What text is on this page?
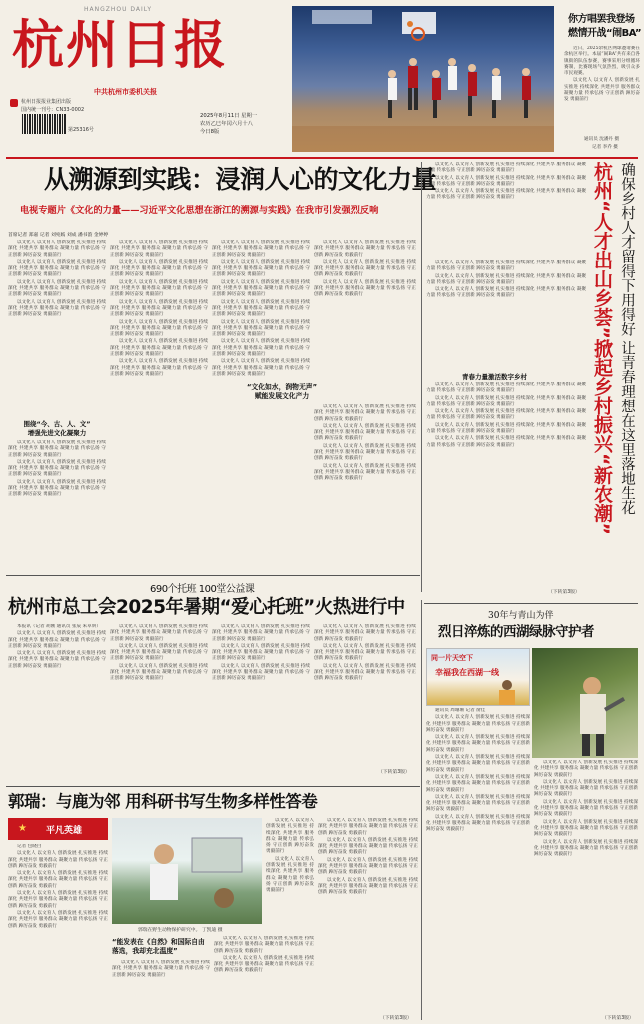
HANGZHOU DAILY
杭州日报
中共杭州市委机关报
杭州日报报业集团出版
国内统一刊号：CN33-0002
第25316号
2025年8月11日 星期一
农历乙巳年闰六月十八
今日8版
你方唱罢我登场
燃情开战“闹BA”

近日，2025余杭区网球邀请赛在余杭区举行。本届“闹BA”共有来自各镇街的队伍参赛，赛事采用分组循环赛制，比赛现场气氛热烈，吸引众多市民观赛。

以文化人 以文育人 创新发展 扎实推进 持续深化 共建共享 服务群众 凝聚力量 传承弘扬 守正创新 踔厉奋发 勇毅前行

通讯员 沈潘丹 摄
记者 李乔 摄
从溯源到实践：浸润人心的文化力量
电视专题片《文化的力量——习近平文化思想在浙江的溯源与实践》在我市引发强烈反响
首席记者 郑嘉 记者 刘宛嫣 刘成 潘书韵 金婷婷

以文化人 以文育人 创新发展 扎实推进 持续深化 共建共享 服务群众 凝聚力量 传承弘扬 守正创新 踔厉奋发 勇毅前行

以文化人 以文育人 创新发展 扎实推进 持续深化 共建共享 服务群众 凝聚力量 传承弘扬 守正创新 踔厉奋发 勇毅前行

以文化人 以文育人 创新发展 扎实推进 持续深化 共建共享 服务群众 凝聚力量 传承弘扬 守正创新 踔厉奋发 勇毅前行

以文化人 以文育人 创新发展 扎实推进 持续深化 共建共享 服务群众 凝聚力量 传承弘扬 守正创新 踔厉奋发 勇毅前行

围绕“今、古、人、文”
增强先进文化凝聚力

以文化人 以文育人 创新发展 扎实推进 持续深化 共建共享 服务群众 凝聚力量 传承弘扬 守正创新 踔厉奋发 勇毅前行

以文化人 以文育人 创新发展 扎实推进 持续深化 共建共享 服务群众 凝聚力量 传承弘扬 守正创新 踔厉奋发 勇毅前行

以文化人 以文育人 创新发展 扎实推进 持续深化 共建共享 服务群众 凝聚力量 传承弘扬 守正创新 踔厉奋发 勇毅前行

以文化人 以文育人 创新发展 扎实推进 持续深化 共建共享 服务群众 凝聚力量 传承弘扬 守正创新 踔厉奋发 勇毅前行

以文化人 以文育人 创新发展 扎实推进 持续深化 共建共享 服务群众 凝聚力量 传承弘扬 守正创新 踔厉奋发 勇毅前行

以文化人 以文育人 创新发展 扎实推进 持续深化 共建共享 服务群众 凝聚力量 传承弘扬 守正创新 踔厉奋发 勇毅前行

以文化人 以文育人 创新发展 扎实推进 持续深化 共建共享 服务群众 凝聚力量 传承弘扬 守正创新 踔厉奋发 勇毅前行

以文化人 以文育人 创新发展 扎实推进 持续深化 共建共享 服务群众 凝聚力量 传承弘扬 守正创新 踔厉奋发 勇毅前行

以文化人 以文育人 创新发展 扎实推进 持续深化 共建共享 服务群众 凝聚力量 传承弘扬 守正创新 踔厉奋发 勇毅前行

以文化人 以文育人 创新发展 扎实推进 持续深化 共建共享 服务群众 凝聚力量 传承弘扬 守正创新 踔厉奋发 勇毅前行

以文化人 以文育人 创新发展 扎实推进 持续深化 共建共享 服务群众 凝聚力量 传承弘扬 守正创新 踔厉奋发 勇毅前行

以文化人 以文育人 创新发展 扎实推进 持续深化 共建共享 服务群众 凝聚力量 传承弘扬 守正创新 踔厉奋发 勇毅前行

以文化人 以文育人 创新发展 扎实推进 持续深化 共建共享 服务群众 凝聚力量 传承弘扬 守正创新 踔厉奋发 勇毅前行

以文化人 以文育人 创新发展 扎实推进 持续深化 共建共享 服务群众 凝聚力量 传承弘扬 守正创新 踔厉奋发 勇毅前行

以文化人 以文育人 创新发展 扎实推进 持续深化 共建共享 服务群众 凝聚力量 传承弘扬 守正创新 踔厉奋发 勇毅前行

以文化人 以文育人 创新发展 扎实推进 持续深化 共建共享 服务群众 凝聚力量 传承弘扬 守正创新 踔厉奋发 勇毅前行

以文化人 以文育人 创新发展 扎实推进 持续深化 共建共享 服务群众 凝聚力量 传承弘扬 守正创新 踔厉奋发 勇毅前行

以文化人 以文育人 创新发展 扎实推进 持续深化 共建共享 服务群众 凝聚力量 传承弘扬 守正创新 踔厉奋发 勇毅前行

以文化人 以文育人 创新发展 扎实推进 持续深化 共建共享 服务群众 凝聚力量 传承弘扬 守正创新 踔厉奋发 勇毅前行

以文化人 以文育人 创新发展 扎实推进 持续深化 共建共享 服务群众 凝聚力量 传承弘扬 守正创新 踔厉奋发 勇毅前行

“文化如水，润物无声”
赋能发展文化产力 以文化人 以文育人 创新发展 扎实推进 持续深化 共建共享 服务群众 凝聚力量 传承弘扬 守正创新 踔厉奋发 勇毅前行 以文化人 以文育人 创新发展 扎实推进 持续深化 共建共享 服务群众 凝聚力量 传承弘扬 守正创新 踔厉奋发 勇毅前行 以文化人 以文育人 创新发展 扎实推进 持续深化 共建共享 服务群众 凝聚力量 传承弘扬 守正创新 踔厉奋发 勇毅前行 以文化人 以文育人 创新发展 扎实推进 持续深化 共建共享 服务群众 凝聚力量 传承弘扬 守正创新 踔厉奋发 勇毅前行 以文化人 以文育人 创新发展 扎实推进 持续深化 共建共享 服务群众 凝聚力量 传承弘扬 守正创新 踔厉奋发 勇毅前行 以文化人 以文育人 创新发展 扎实推进 持续深化 共建共享 服务群众 凝聚力量 传承弘扬 守正创新 踔厉奋发 勇毅前行 以文化人 以文育人 创新发展 扎实推进 持续深化 共建共享 服务群众 凝聚力量 传承弘扬 守正创新 踔厉奋发 勇毅前行	杭州“人才出山乡荟”掀起乡村振兴“新农潮” 确保乡村人才留得下用得好 让青春理想在这里落地生花

以文化人 以文育人 创新发展 扎实推进 持续深化 共建共享 服务群众 凝聚力量 传承弘扬 守正创新 踔厉奋发 勇毅前行

以文化人 以文育人 创新发展 扎实推进 持续深化 共建共享 服务群众 凝聚力量 传承弘扬 守正创新 踔厉奋发 勇毅前行

以文化人 以文育人 创新发展 扎实推进 持续深化 共建共享 服务群众 凝聚力量 传承弘扬 守正创新 踔厉奋发 勇毅前行

青春力量激活数字乡村

以文化人 以文育人 创新发展 扎实推进 持续深化 共建共享 服务群众 凝聚力量 传承弘扬 守正创新 踔厉奋发 勇毅前行

以文化人 以文育人 创新发展 扎实推进 持续深化 共建共享 服务群众 凝聚力量 传承弘扬 守正创新 踔厉奋发 勇毅前行

以文化人 以文育人 创新发展 扎实推进 持续深化 共建共享 服务群众 凝聚力量 传承弘扬 守正创新 踔厉奋发 勇毅前行

以文化人 以文育人 创新发展 扎实推进 持续深化 共建共享 服务群众 凝聚力量 传承弘扬 守正创新 踔厉奋发 勇毅前行

以文化人 以文育人 创新发展 扎实推进 持续深化 共建共享 服务群众 凝聚力量 传承弘扬 守正创新 踔厉奋发 勇毅前行

（下转第3版）
690个托班 100堂公益课
杭州市总工会2025年暑期“爱心托班”火热进行中

本报讯（记者 胡刚 通讯员 张辰 朱卓妍）

以文化人 以文育人 创新发展 扎实推进 持续深化 共建共享 服务群众 凝聚力量 传承弘扬 守正创新 踔厉奋发 勇毅前行

以文化人 以文育人 创新发展 扎实推进 持续深化 共建共享 服务群众 凝聚力量 传承弘扬 守正创新 踔厉奋发 勇毅前行

以文化人 以文育人 创新发展 扎实推进 持续深化 共建共享 服务群众 凝聚力量 传承弘扬 守正创新 踔厉奋发 勇毅前行

以文化人 以文育人 创新发展 扎实推进 持续深化 共建共享 服务群众 凝聚力量 传承弘扬 守正创新 踔厉奋发 勇毅前行

以文化人 以文育人 创新发展 扎实推进 持续深化 共建共享 服务群众 凝聚力量 传承弘扬 守正创新 踔厉奋发 勇毅前行

以文化人 以文育人 创新发展 扎实推进 持续深化 共建共享 服务群众 凝聚力量 传承弘扬 守正创新 踔厉奋发 勇毅前行

以文化人 以文育人 创新发展 扎实推进 持续深化 共建共享 服务群众 凝聚力量 传承弘扬 守正创新 踔厉奋发 勇毅前行

以文化人 以文育人 创新发展 扎实推进 持续深化 共建共享 服务群众 凝聚力量 传承弘扬 守正创新 踔厉奋发 勇毅前行

以文化人 以文育人 创新发展 扎实推进 持续深化 共建共享 服务群众 凝聚力量 传承弘扬 守正创新 踔厉奋发 勇毅前行

以文化人 以文育人 创新发展 扎实推进 持续深化 共建共享 服务群众 凝聚力量 传承弘扬 守正创新 踔厉奋发 勇毅前行

以文化人 以文育人 创新发展 扎实推进 持续深化 共建共享 服务群众 凝聚力量 传承弘扬 守正创新 踔厉奋发 勇毅前行

（下转第3版）
30年与青山为伴
烈日淬炼的西湖绿脉守护者
同一片天空下
幸福我在西湖一线

通讯员 周珊珊 记者 俞佳

以文化人 以文育人 创新发展 扎实推进 持续深化 共建共享 服务群众 凝聚力量 传承弘扬 守正创新 踔厉奋发 勇毅前行

以文化人 以文育人 创新发展 扎实推进 持续深化 共建共享 服务群众 凝聚力量 传承弘扬 守正创新 踔厉奋发 勇毅前行

以文化人 以文育人 创新发展 扎实推进 持续深化 共建共享 服务群众 凝聚力量 传承弘扬 守正创新 踔厉奋发 勇毅前行

以文化人 以文育人 创新发展 扎实推进 持续深化 共建共享 服务群众 凝聚力量 传承弘扬 守正创新 踔厉奋发 勇毅前行

以文化人 以文育人 创新发展 扎实推进 持续深化 共建共享 服务群众 凝聚力量 传承弘扬 守正创新 踔厉奋发 勇毅前行

以文化人 以文育人 创新发展 扎实推进 持续深化 共建共享 服务群众 凝聚力量 传承弘扬 守正创新 踔厉奋发 勇毅前行

以文化人 以文育人 创新发展 扎实推进 持续深化 共建共享 服务群众 凝聚力量 传承弘扬 守正创新 踔厉奋发 勇毅前行

以文化人 以文育人 创新发展 扎实推进 持续深化 共建共享 服务群众 凝聚力量 传承弘扬 守正创新 踔厉奋发 勇毅前行

以文化人 以文育人 创新发展 扎实推进 持续深化 共建共享 服务群众 凝聚力量 传承弘扬 守正创新 踔厉奋发 勇毅前行

以文化人 以文育人 创新发展 扎实推进 持续深化 共建共享 服务群众 凝聚力量 传承弘扬 守正创新 踔厉奋发 勇毅前行

以文化人 以文育人 创新发展 扎实推进 持续深化 共建共享 服务群众 凝聚力量 传承弘扬 守正创新 踔厉奋发 勇毅前行

（下转第3版）
郭瑞：与鹿为邻 用科研书写生物多样性答卷
平凡英雄
★

记者 包晓白

以文化人 以文育人 创新发展 扎实推进 持续深化 共建共享 服务群众 凝聚力量 传承弘扬 守正创新 踔厉奋发 勇毅前行

以文化人 以文育人 创新发展 扎实推进 持续深化 共建共享 服务群众 凝聚力量 传承弘扬 守正创新 踔厉奋发 勇毅前行

以文化人 以文育人 创新发展 扎实推进 持续深化 共建共享 服务群众 凝聚力量 传承弘扬 守正创新 踔厉奋发 勇毅前行

以文化人 以文育人 创新发展 扎实推进 持续深化 共建共享 服务群众 凝聚力量 传承弘扬 守正创新 踔厉奋发 勇毅前行

郭瑞在野生动物保护研究中。 丁凯迪 摄
“能发表在《自然》和国际自由落选，我却充北温度”

以文化人 以文育人 创新发展 扎实推进 持续深化 共建共享 服务群众 凝聚力量 传承弘扬 守正创新 踔厉奋发 勇毅前行

以文化人 以文育人 创新发展 扎实推进 持续深化 共建共享 服务群众 凝聚力量 传承弘扬 守正创新 踔厉奋发 勇毅前行

以文化人 以文育人 创新发展 扎实推进 持续深化 共建共享 服务群众 凝聚力量 传承弘扬 守正创新 踔厉奋发 勇毅前行

以文化人 以文育人 创新发展 扎实推进 持续深化 共建共享 服务群众 凝聚力量 传承弘扬 守正创新 踔厉奋发 勇毅前行

以文化人 以文育人 创新发展 扎实推进 持续深化 共建共享 服务群众 凝聚力量 传承弘扬 守正创新 踔厉奋发 勇毅前行

以文化人 以文育人 创新发展 扎实推进 持续深化 共建共享 服务群众 凝聚力量 传承弘扬 守正创新 踔厉奋发 勇毅前行

以文化人 以文育人 创新发展 扎实推进 持续深化 共建共享 服务群众 凝聚力量 传承弘扬 守正创新 踔厉奋发 勇毅前行

以文化人 以文育人 创新发展 扎实推进 持续深化 共建共享 服务群众 凝聚力量 传承弘扬 守正创新 踔厉奋发 勇毅前行

以文化人 以文育人 创新发展 扎实推进 持续深化 共建共享 服务群众 凝聚力量 传承弘扬 守正创新 踔厉奋发 勇毅前行

（下转第3版）
